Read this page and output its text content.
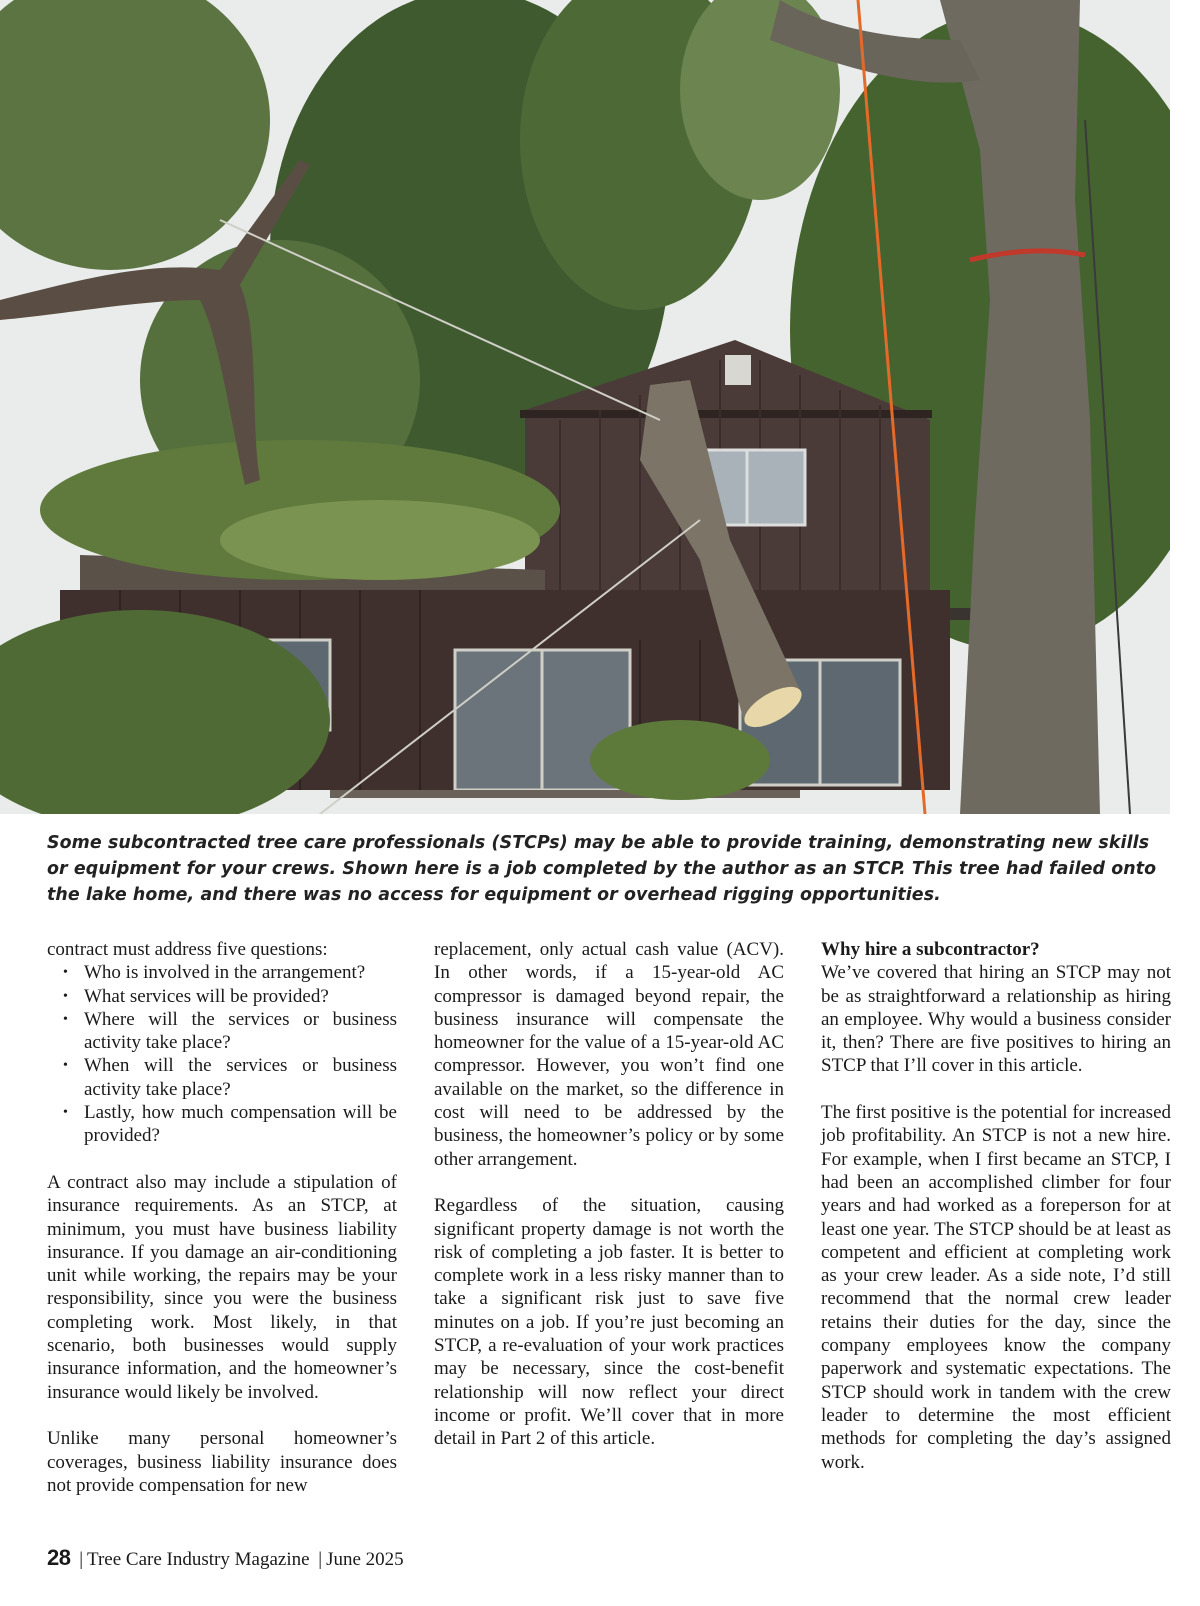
Some subcontracted tree care professionals (STCPs) may be able to provide training, demonstrating new skills or equipment for your crews. Shown here is a job completed by the author as an STCP. This tree had failed onto the lake home, and there was no access for equipment or overhead rigging opportunities.

contract must address five questions:

• Who is involved in the arrangement?
• What services will be provided?
• Where will the services or business activity take place?
• When will the services or business activity take place?
• Lastly, how much compensation will be provided?

A contract also may include a stipulation of insurance requirements. As an STCP, at minimum, you must have business liability insurance. If you damage an air-conditioning unit while working, the repairs may be your responsibility, since you were the business completing work. Most likely, in that scenario, both businesses would supply insurance information, and the homeowner’s insurance would likely be involved.

Unlike many personal homeowner’s coverages, business liability insurance does not provide compensation for new

replacement, only actual cash value (ACV). In other words, if a 15-year-old AC compressor is damaged beyond repair, the business insurance will compensate the homeowner for the value of a 15-year-old AC compressor. However, you won’t find one available on the market, so the difference in cost will need to be addressed by the business, the homeowner’s policy or by some other arrangement.

Regardless of the situation, causing significant property damage is not worth the risk of completing a job faster. It is better to complete work in a less risky manner than to take a significant risk just to save five minutes on a job. If you’re just becoming an STCP, a re-evaluation of your work practices may be necessary, since the cost-benefit relationship will now reflect your direct income or profit. We’ll cover that in more detail in Part 2 of this article.

Why hire a subcontractor?

We’ve covered that hiring an STCP may not be as straightforward a relationship as hiring an employee. Why would a business consider it, then? There are five positives to hiring an STCP that I’ll cover in this article.

The first positive is the potential for increased job profitability. An STCP is not a new hire. For example, when I first became an STCP, I had been an accomplished climber for four years and had worked as a foreperson for at least one year. The STCP should be at least as competent and efficient at completing work as your crew leader. As a side note, I’d still recommend that the normal crew leader retains their duties for the day, since the company employees know the company paperwork and systematic expectations. The STCP should work in tandem with the crew leader to determine the most efficient methods for completing the day’s assigned work.

28 | Tree Care Industry Magazine | June 2025
